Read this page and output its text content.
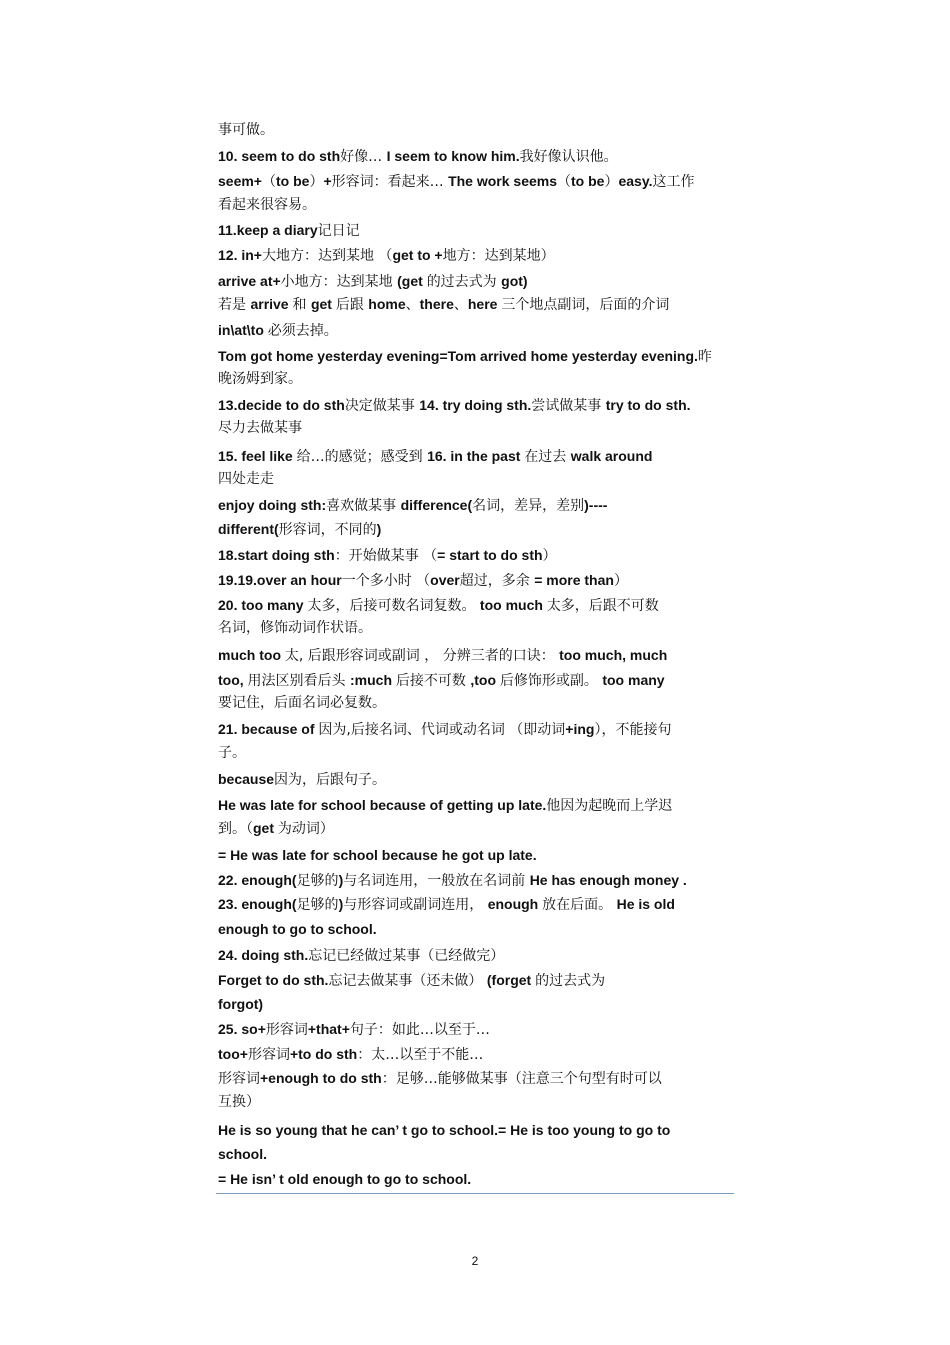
事可做。
10. seem to do sth好像… I seem to know him.我好像认识他。
seem+（to be）+形容词：看起来… The work seems（to be）easy.这工作
看起来很容易。
11.keep a diary记日记
12. in+大地方：达到某地 （get to +地方：达到某地）
arrive at+小地方：达到某地 (get 的过去式为 got)
若是 arrive 和 get 后跟 home、there、here 三个地点副词，后面的介词
in\at\to 必须去掉。
Tom got home yesterday evening=Tom arrived home yesterday evening.昨
晚汤姆到家。
13.decide to do sth决定做某事 14. try doing sth.尝试做某事 try to do sth.
尽力去做某事
15. feel like 给…的感觉；感受到 16. in the past 在过去 walk around
四处走走
enjoy doing sth:喜欢做某事 difference(名词，差异，差别)----
different(形容词，不同的)
18.start doing sth：开始做某事 （= start to do sth）
19.19.over an hour一个多小时 （over超过，多余 = more than）
20. too many 太多，后接可数名词复数。 too much 太多，后跟不可数
名词，修饰动词作状语。
much too 太, 后跟形容词或副词 ， 分辨三者的口诀： too much, much
too, 用法区别看后头 :much 后接不可数 ,too 后修饰形或副。 too many
要记住，后面名词必复数。
21. because of 因为,后接名词、代词或动名词 （即动词+ing），不能接句
子。
because因为，后跟句子。
He was late for school because of getting up late.他因为起晚而上学迟
到。（get 为动词）
= He was late for school because he got up late.
22. enough(足够的)与名词连用，一般放在名词前 He has enough money .
23. enough(足够的)与形容词或副词连用， enough 放在后面。 He is old
enough to go to school.
24. doing sth.忘记已经做过某事（已经做完）
Forget to do sth.忘记去做某事（还未做） (forget 的过去式为
forgot)
25. so+形容词+that+句子：如此…以至于…
too+形容词+to do sth：太…以至于不能…
形容词+enough to do sth：足够…能够做某事（注意三个句型有时可以
互换）
He is so young that he can’ t go to school.= He is too young to go to
school.
= He isn’ t old enough to go to school.
2
